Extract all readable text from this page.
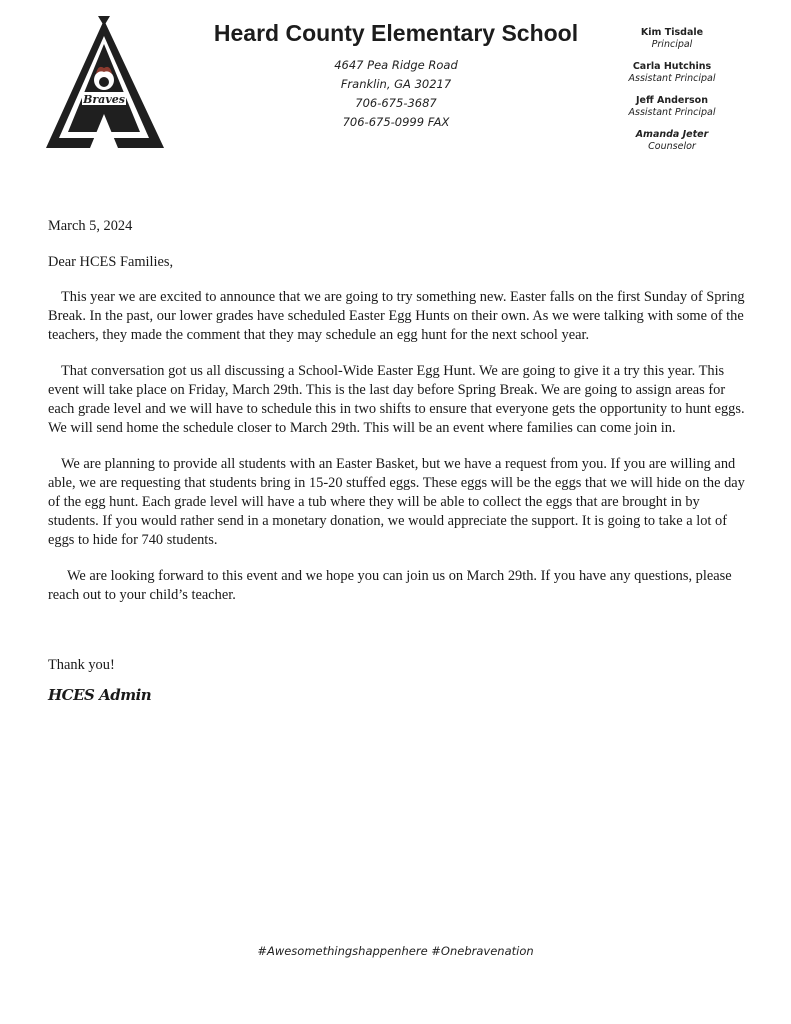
Braves
Heard County Elementary School
4647 Pea Ridge Road
Franklin, GA 30217
706-675-3687
706-675-0999 FAX
Kim Tisdale
Principal
Carla Hutchins
Assistant Principal
Jeff Anderson
Assistant Principal
Amanda Jeter
Counselor
March 5, 2024
Dear HCES Families,

This year we are excited to announce that we are going to try something new. Easter falls on the first Sunday of Spring Break. In the past, our lower grades have scheduled Easter Egg Hunts on their own. As we were talking with some of the teachers, they made the comment that they may schedule an egg hunt for the next school year.

That conversation got us all discussing a School-Wide Easter Egg Hunt. We are going to give it a try this year. This event will take place on Friday, March 29th. This is the last day before Spring Break. We are going to assign areas for each grade level and we will have to schedule this in two shifts to ensure that everyone gets the opportunity to hunt eggs. We will send home the schedule closer to March 29th. This will be an event where families can come join in.

We are planning to provide all students with an Easter Basket, but we have a request from you. If you are willing and able, we are requesting that students bring in 15-20 stuffed eggs. These eggs will be the eggs that we will hide on the day of the egg hunt. Each grade level will have a tub where they will be able to collect the eggs that are brought in by students. If you would rather send in a monetary donation, we would appreciate the support. It is going to take a lot of eggs to hide for 740 students.

We are looking forward to this event and we hope you can join us on March 29th. If you have any questions, please reach out to your child’s teacher.

Thank you!
HCES Admin
#Awesomethingshappenhere #Onebravenation
